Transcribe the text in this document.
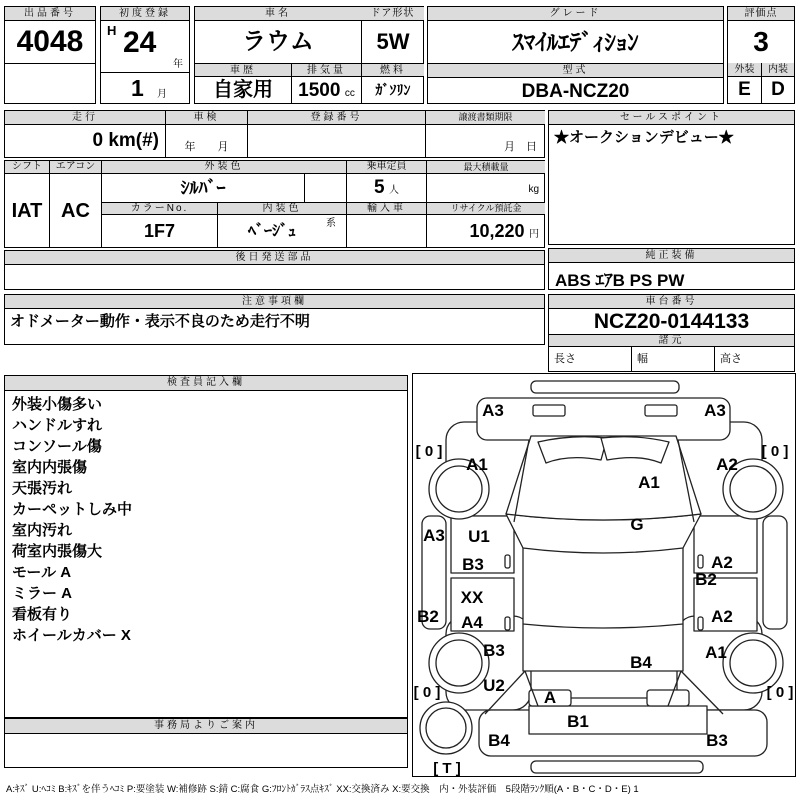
出品番号
4048
初度登録
H 24
年
1 月
車名	ドア形状
ラウム	5W
車歴	排気量	燃料
自家用	1500 cc	ｶﾞｿﾘﾝ
グレード
ｽﾏｲﾙｴﾃﾞｨｼｮﾝ
型式
DBA-NCZ20
評価点
3
外装	内装
E	D
走行
0 km(#)
車検
年　　月
登録番号	譲渡書類期限
月　日
セールスポイント
★オークションデビュー★
シフト
IAT
エアコン
AC
外装色
ｼﾙﾊﾞｰ
カラーNo.	内装色
1F7	ﾍﾞｰｼﾞｭ	系
乗車定員
5 人
輸入車
最大積載量
kg
リサイクル預託金
10,220 円
後日発送部品	純正装備
ABS ｴｱB PS PW
注意事項欄
オドメーター動作・表示不良のため走行不明
車台番号
NCZ20-0144133
諸元
長さ	幅	高さ
検査員記入欄
外装小傷多い
ハンドルすれ
コンソール傷
室内内張傷
天張汚れ
カーペットしみ中
室内汚れ
荷室内張傷大
モール A
ミラー A
看板有り
ホイールカバー X
事務局よりご案内
A3	A3
[ 0 ]	[ 0 ]
A1	A2
A1
G
A3 U1
B3	A2
B2
B2
XX
A4	A2
B3	A1
U2
[ 0 ]	[ 0 ]
B4
A
B1
B4	B3
[ T ]
A:ｷｽﾞ U:ﾍｺﾐ B:ｷｽﾞを伴うﾍｺﾐ P:要塗装 W:補修跡 S:錆 C:腐食 G:ﾌﾛﾝﾄｶﾞﾗｽ点ｷｽﾞ XX:交換済み X:要交換　内・外装評価　5段階ﾗﾝｸ順(A・B・C・D・E) 1
